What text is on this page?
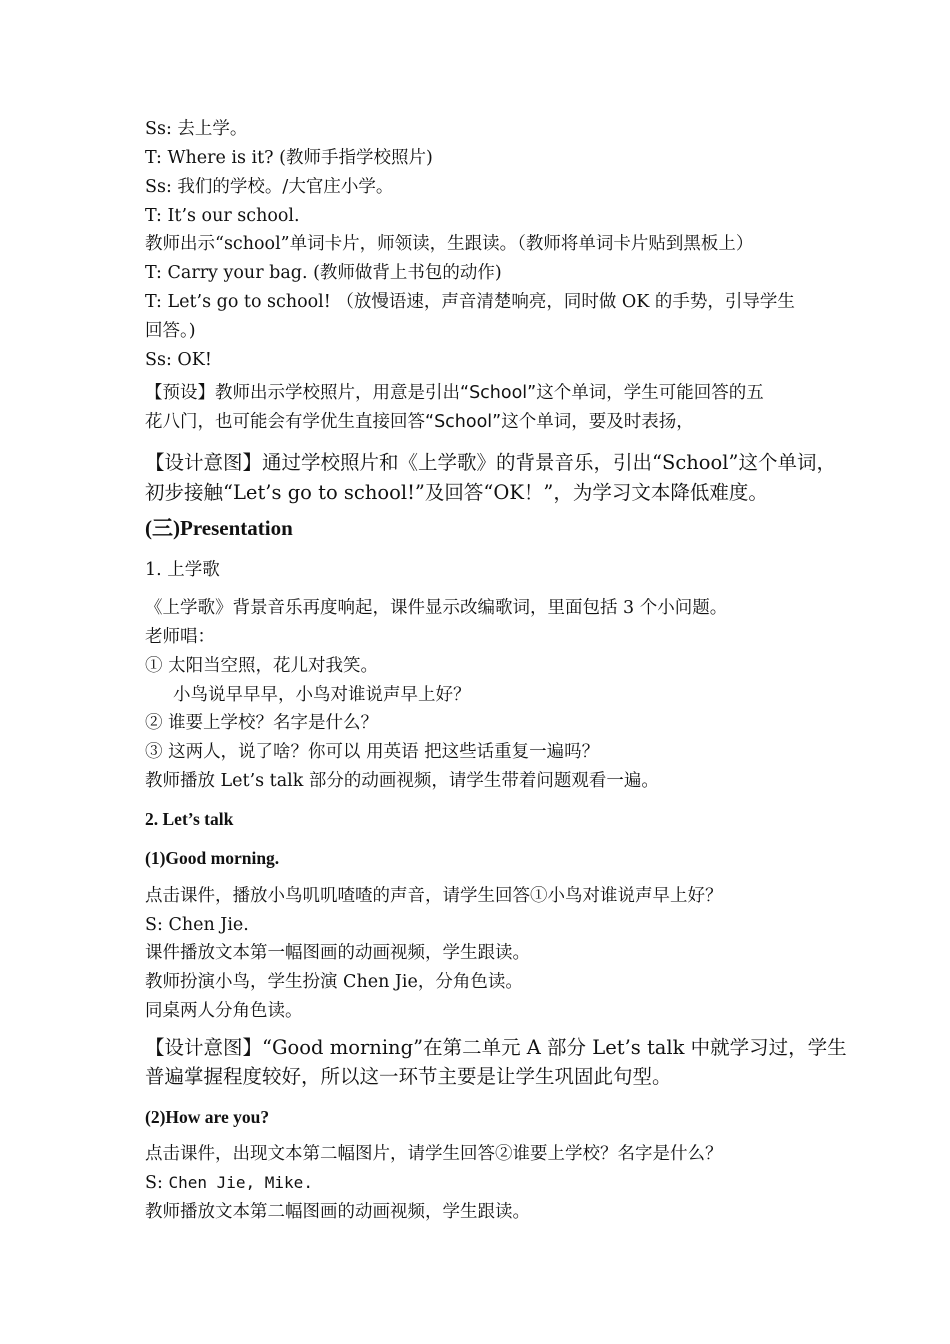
Ss: 去上学。
T: Where is it? (教师手指学校照片)
Ss: 我们的学校。/大官庄小学。
T: It’s our school.
教师出示“school”单词卡片，师领读，生跟读。（教师将单词卡片贴到黑板上）
T: Carry your bag. (教师做背上书包的动作)
T: Let’s go to school! （放慢语速，声音清楚响亮，同时做 OK 的手势，引导学生
回答。)
Ss: OK!
【预设】教师出示学校照片，用意是引出“School”这个单词，学生可能回答的五
花八门，也可能会有学优生直接回答“School”这个单词，要及时表扬，
【设计意图】通过学校照片和《上学歌》的背景音乐，引出“School”这个单词，
初步接触“Let’s go to school!”及回答“OK！”，为学习文本降低难度。
(三)Presentation
1. 上学歌
《上学歌》背景音乐再度响起，课件显示改编歌词，里面包括 3 个小问题。
老师唱：
① 太阳当空照，花儿对我笑。
小鸟说早早早，小鸟对谁说声早上好？
② 谁要上学校？名字是什么？
③ 这两人，说了啥？你可以 用英语 把这些话重复一遍吗？
教师播放 Let’s talk 部分的动画视频，请学生带着问题观看一遍。
2. Let’s talk
(1)Good morning.
点击课件，播放小鸟叽叽喳喳的声音，请学生回答①小鸟对谁说声早上好？
S: Chen Jie.
课件播放文本第一幅图画的动画视频，学生跟读。
教师扮演小鸟，学生扮演 Chen Jie，分角色读。
同桌两人分角色读。
【设计意图】“Good morning”在第二单元 A 部分 Let’s talk 中就学习过，学生
普遍掌握程度较好，所以这一环节主要是让学生巩固此句型。
(2)How are you?
点击课件，出现文本第二幅图片，请学生回答②谁要上学校？名字是什么？
S: Chen Jie, Mike.
教师播放文本第二幅图画的动画视频，学生跟读。
